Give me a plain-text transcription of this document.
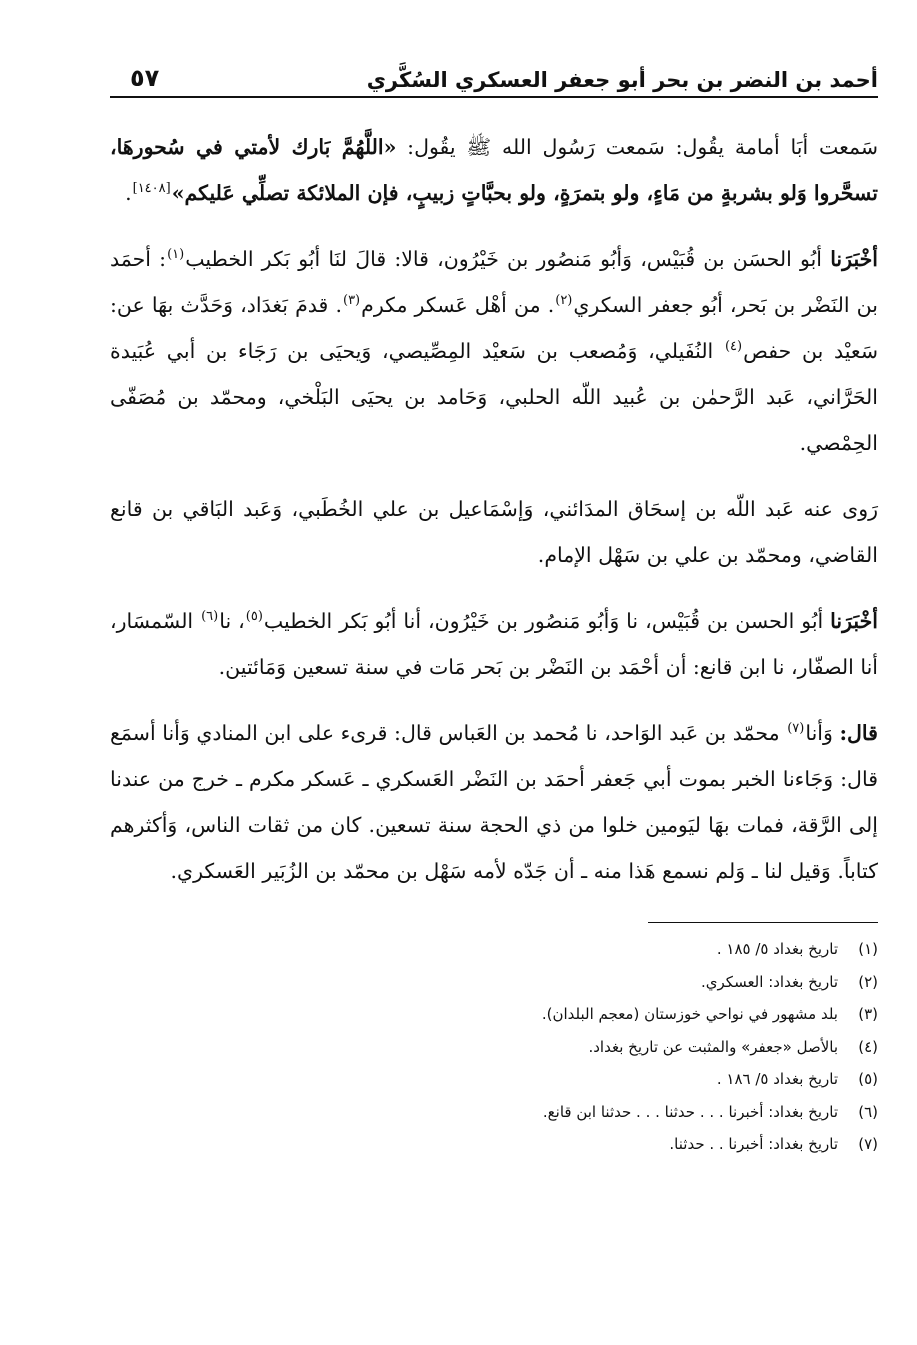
أحمد بن النضر بن بحر أبو جعفر العسكري السُكَّري
٥٧

سَمعت أبَا أمامة يقُول: سَمعت رَسُول الله ﷺ يقُول: «اللَّهُمَّ بَارك لأمتي في سُحورهَا، تسحَّروا وَلو بشربةٍ من مَاءٍ، ولو بتمرَةٍ، ولو بحبَّاتٍ زبيبٍ، فإن الملائكة تصلِّي عَليكم»[١٤٠٨].

أخْبَرَنا أبُو الحسَن بن قُبَيْس، وَأبُو مَنصُور بن خَيْرُون، قالا: قالَ لنَا أبُو بَكر الخطيب$^{(١)}$: أحمَد بن النَضْر بن بَحر، أبُو جعفر السكري$^{(٢)}$. من أهْل عَسكر مكرم$^{(٣)}$. قدمَ بَغدَاد، وَحَدَّث بهَا عن: سَعيْد بن حفص$^{(٤)}$ النُفَيلي، وَمُصعب بن سَعيْد المِصِّيصي، وَيحيَى بن رَجَاء بن أبي عُبَيدة الحَرَّاني، عَبد الرَّحمٰن بن عُبيد اللّه الحلبي، وَحَامد بن يحيَى البَلْخي، ومحمّد بن مُصَفّى الحِمْصي.

رَوى عنه عَبد اللّه بن إسحَاق المدَائني، وَإسْمَاعيل بن علي الخُطَبي، وَعَبد البَاقي بن قانع القاضي، ومحمّد بن علي بن سَهْل الإمام.

أخْبَرَنا أبُو الحسن بن قُبَيْس، نا وَأبُو مَنصُور بن خَيْرُون، أنا أبُو بَكر الخطيب$^{(٥)}$، نا$^{(٦)}$ السّمسَار، أنا الصفّار، نا ابن قانع: أن أحْمَد بن النَضْر بن بَحر مَات في سنة تسعين وَمَائتين.

قال: وَأنا$^{(٧)}$ محمّد بن عَبد الوَاحد، نا مُحمد بن العَباس قال: قرىء على ابن المنادي وَأنا أسمَع قال: وَجَاءنا الخبر بموت أبي جَعفر أحمَد بن النَضْر العَسكري ـ عَسكر مكرم ـ خرج من عندنا إلى الرَّقة، فمات بهَا ليَومين خلوا من ذي الحجة سنة تسعين. كان من ثقات الناس، وَأكثرهم كتاباً. وَقيل لنا ـ وَلم نسمع هَذا منه ـ أن جَدّه لأمه سَهْل بن محمّد بن الزُبَير العَسكري.

(١)تاريخ بغداد ٥/ ١٨٥ .
(٢)تاريخ بغداد: العسكري.
(٣)بلد مشهور في نواحي خوزستان (معجم البلدان).
(٤)بالأصل «جعفر» والمثبت عن تاريخ بغداد.
(٥)تاريخ بغداد ٥/ ١٨٦ .
(٦)تاريخ بغداد: أخبرنا . . . حدثنا . . . حدثنا ابن قانع.
(٧)تاريخ بغداد: أخبرنا . . حدثنا.
